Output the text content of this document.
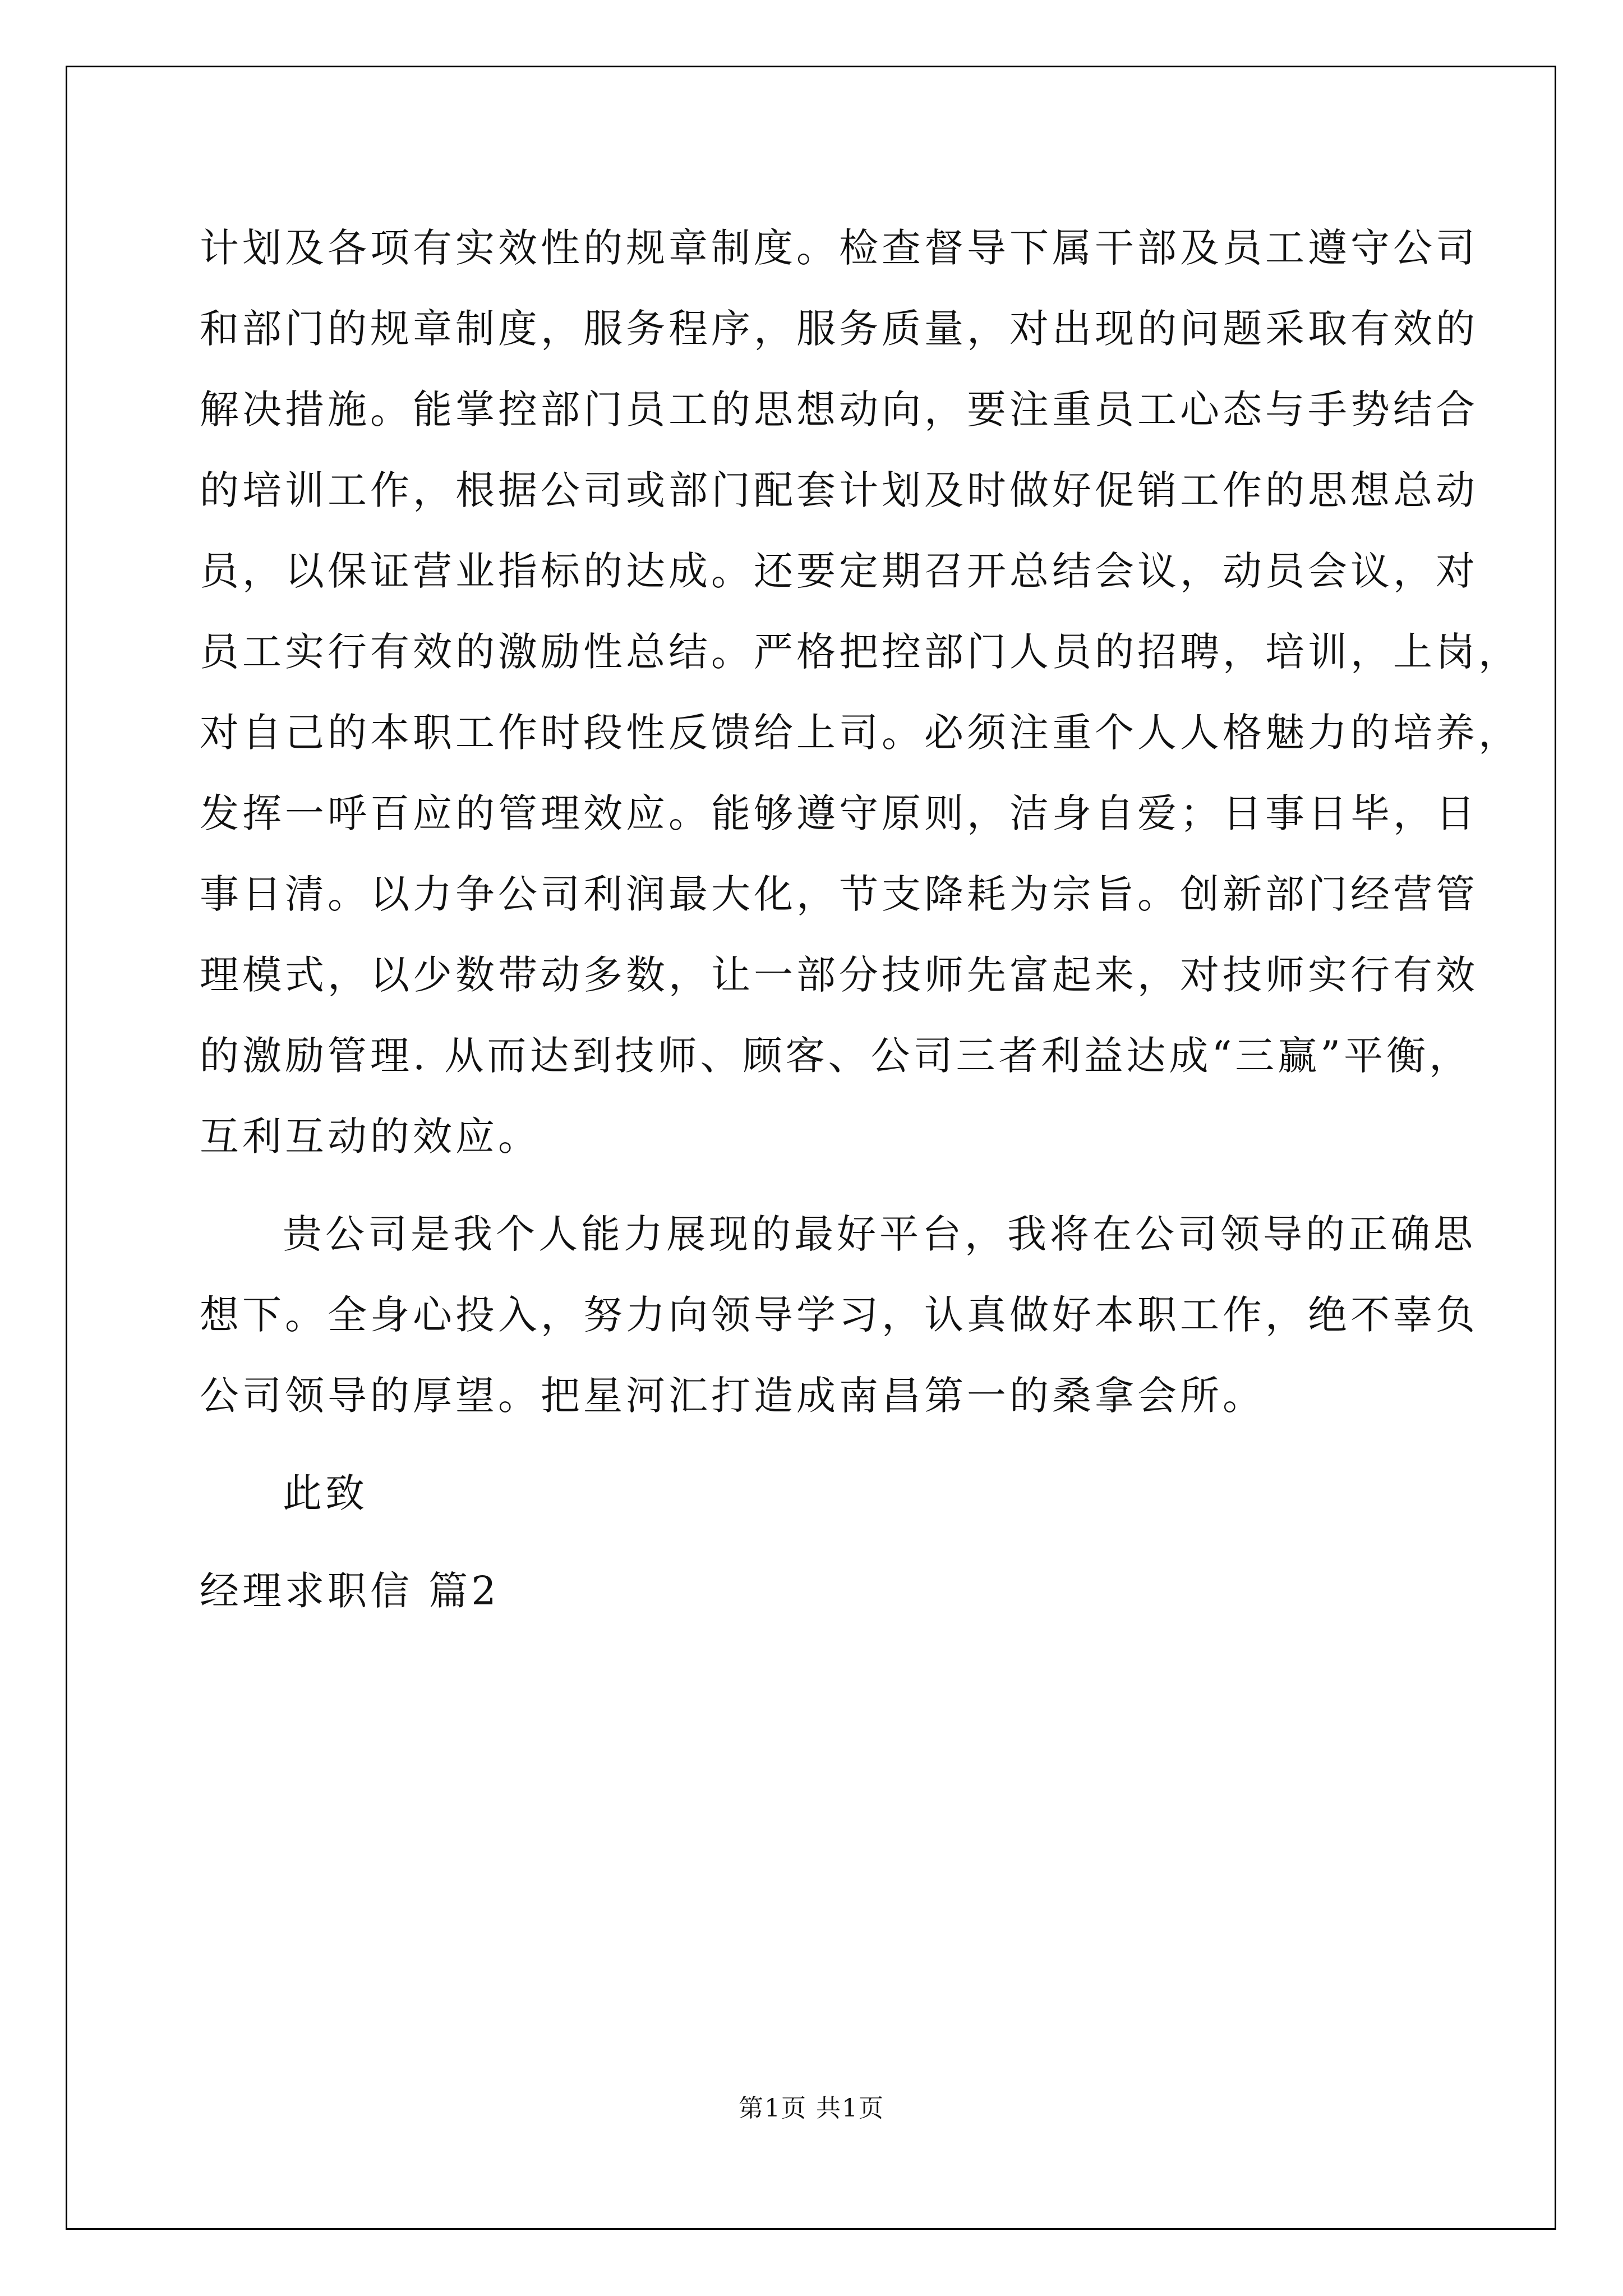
计划及各项有实效性的规章制度。检查督导下属干部及员工遵守公司
和部门的规章制度，服务程序，服务质量，对出现的问题采取有效的
解决措施。能掌控部门员工的思想动向，要注重员工心态与手势结合
的培训工作，根据公司或部门配套计划及时做好促销工作的思想总动
员，以保证营业指标的达成。还要定期召开总结会议，动员会议，对
员工实行有效的激励性总结。严格把控部门人员的招聘，培训，上岗，
对自己的本职工作时段性反馈给上司。必须注重个人人格魅力的培养，
发挥一呼百应的管理效应。能够遵守原则，洁身自爱；日事日毕，日
事日清。以力争公司利润最大化，节支降耗为宗旨。创新部门经营管
理模式，以少数带动多数，让一部分技师先富起来，对技师实行有效
的激励管理. 从而达到技师、顾客、公司三者利益达成“三赢”平衡，
互利互动的效应。
贵公司是我个人能力展现的最好平台，我将在公司领导的正确思
想下。全身心投入，努力向领导学习，认真做好本职工作，绝不辜负
公司领导的厚望。把星河汇打造成南昌第一的桑拿会所。
此致
经理求职信 篇2
第1页 共1页
